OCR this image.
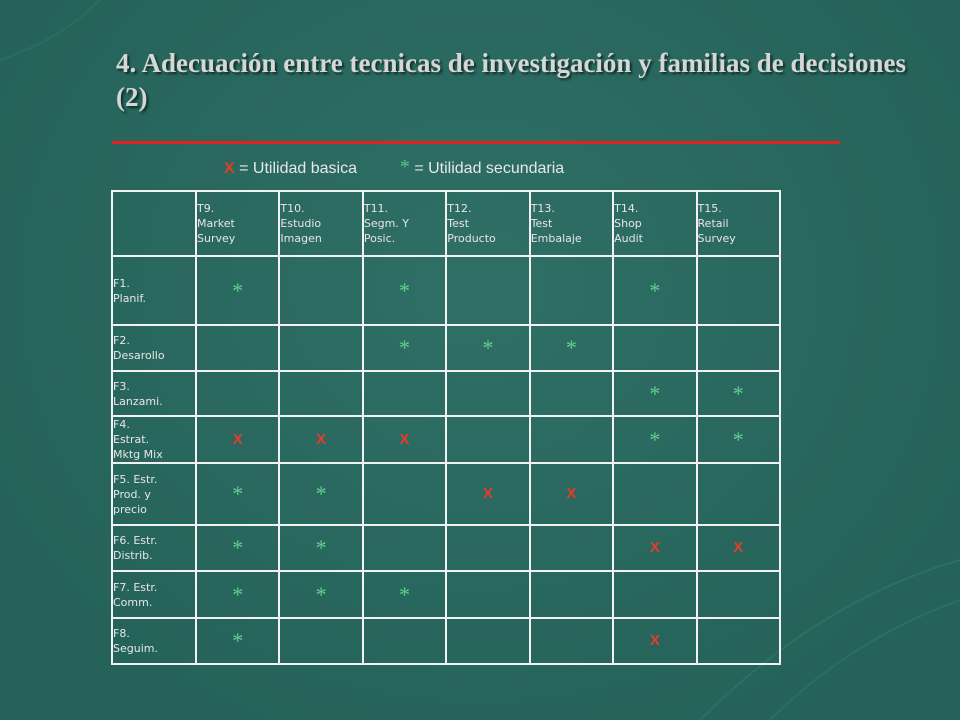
4. Adecuación entre tecnicas de investigación y familias de decisiones (2)
X = Utilidad basica * = Utilidad secundaria

	T9.
Market
Survey	T10.
Estudio
Imagen	T11.
Segm. Y
Posic.	T12.
Test
Producto	T13.
Test
Embalaje	T14.
Shop
Audit	T15.
Retail
Survey

F1.
Planif.	*		*			*	

F2.
Desarollo			*	*	*		

F3.
Lanzami.						*	*

F4.
Estrat.
Mktg Mix	X	X	X			*	*

F5. Estr.
Prod. y
precio	*	*		X	X		

F6. Estr.
Distrib.	*	*				X	X

F7. Estr.
Comm.	*	*	*				

F8.
Seguim.	*					X	
